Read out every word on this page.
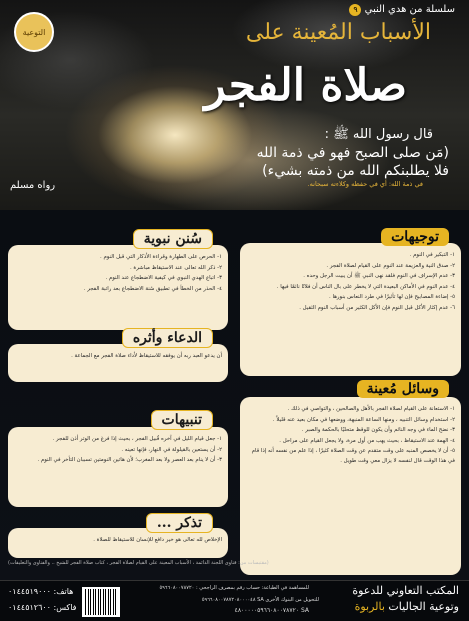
سلسلة من هدي النبي ٩
التوعية	الأسباب المُعينة على
صلاة الفجر
قال رسول الله ﷺ :
(مَن صلى الصبح فهو في ذمة الله
فلا يطلبنكم الله من ذمته بشيء)
في ذمة الله: أي في حفظه وكلاءته سبحانه.
رواه مسلم

١- التبكير في النوم .

٢- صدق النية والعزيمة عند النوم على القيام لصلاة الفجر .

٣- عدم الإسراف في النوم فلقد نهى النبي ﷺ أن يبيت الرجل وحده .

٤- عدم النوم في الأماكن البعيدة التي لا يخطر على بال الناس أن فلانًا نائمًا فيها .

٥- إضاءة المصابيح فإن لها تأثيرًا في طرد النعاس بنورها .

٦- عدم إكثار الأكل قبل النوم فإن الأكل الكثير من أسباب النوم الثقيل .

توجيهات

١- الاستعانة على القيام لصلاة الفجر بالأهل والصالحين ، والتواصي في ذلك .

٢- استخدام وسائل التنبيه ، ومنها الساعة المنبهة، ووضعها في مكان بعيد عنه قليلاً .

٣- نضح الماء في وجه النائم وأن يكون للوقظ متحليًا بالحكمة والصبر .

٤- الهمة عند الاستيقاظ ، بحيث يهب من أول مرة، ولا يجعل القيام على مراحل .

٥- أن لا يخصص المنبه على وقت متقدم عن وقت الصلاة كثيرًا ، إذا علم من نفسه أنه إذا قام في هذا الوقت قال لنفسه لا يزال معي وقت طويل .

وسائل مُعينة

١- الحرص على الطهارة وقراءة الأذكار التي قبل النوم .

٢- ذكر الله تعالى عند الاستيقاظ مباشرة .

٣- اتباع الهدي النبوي في كيفية الاضطجاع عند النوم .

٤- الحذر من الخطأ في تطبيق سُنة الاضطجاع بعد راتبة الفجر .

سُنن نبوية

أن يدعو العبد ربه أن يوفقه للاستيقاظ لأداء صلاة الفجر مع الجماعة .

الدعاء وأثره

١- جعل قيام الليل في آخره قُبيل الفجر ، بحيث إذا فرغ من الوتر أذن للفجر .

٢- أن يستعين بالقيلولة في النهار، فإنها تعينه .

٣- أن لا ينام بعد العصر ولا بعد المغرب؛ لأن هاتين النومتين تسببان التأخر في النوم .

تنبيهات

الإخلاص لله تعالى هو خير دافع للإنسان للاستيقاظ للصلاة .

تذكر ...
(مقتبسات من: فتاوى اللجنة الدائمة ، الأسباب المعينة على القيام لصلاة الفجر ، كتاب صلاة الفجر للشيخ .. والفتاوى والتعليقات)
المكتب التعاوني للدعوة
وتوعية الجاليات بالربوة
للمساهمة في الطباعة: حساب رقم بمصرف الراجحي : ٥٩٦٦٠٨٠٠٧٨٧٢٠
للتحويل من البنوك الأخرى SA ٥٩٦٦٠٨٠٠٧٨٧٢٠٨٠٠٠٠٤٨
SA ٤٨٠٠٠٠٠٥٩٦٦٠٨٠٠٧٨٧٢٠
هاتف: ٠١٤٤٥١٩٠٠٠
فاكس: ٠١٤٤٥١٢٦٠٠
